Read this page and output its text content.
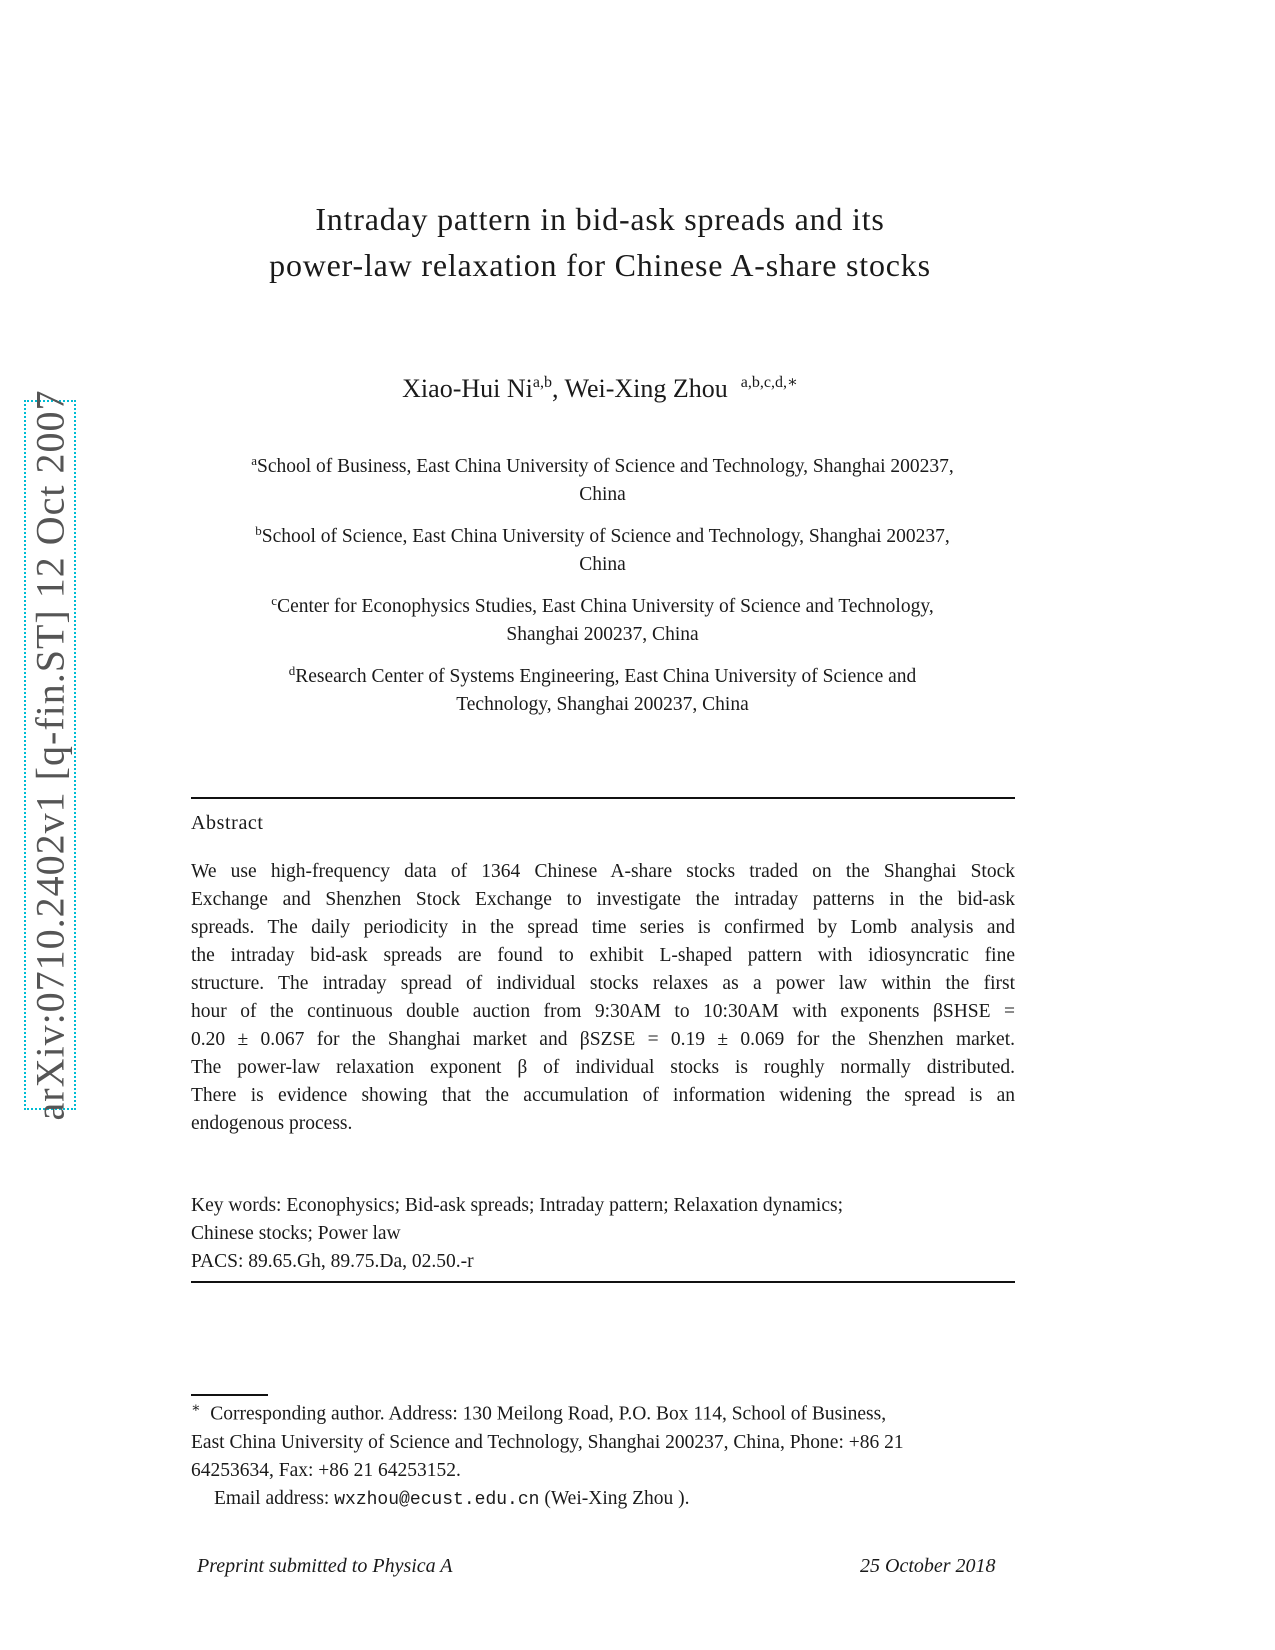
arXiv:0710.2402v1 [q-fin.ST] 12 Oct 2007
Intraday pattern in bid-ask spreads and its
power-law relaxation for Chinese A-share stocks
Xiao-Hui Ni$^{a,b}$, Wei-Xing Zhou $^{a,b,c,d,∗}$
$^a$School of Business, East China University of Science and Technology, Shanghai 200237,
China
$^b$School of Science, East China University of Science and Technology, Shanghai 200237,
China
$^c$Center for Econophysics Studies, East China University of Science and Technology,
Shanghai 200237, China
$^d$Research Center of Systems Engineering, East China University of Science and
Technology, Shanghai 200237, China
Abstract
We use high-frequency data of 1364 Chinese A-share stocks traded on the Shanghai Stock
Exchange and Shenzhen Stock Exchange to investigate the intraday patterns in the bid-ask
spreads. The daily periodicity in the spread time series is confirmed by Lomb analysis and
the intraday bid-ask spreads are found to exhibit L-shaped pattern with idiosyncratic fine
structure. The intraday spread of individual stocks relaxes as a power law within the first
hour of the continuous double auction from 9:30AM to 10:30AM with exponents βSHSE =
0.20 ± 0.067 for the Shanghai market and βSZSE = 0.19 ± 0.069 for the Shenzhen market.
The power-law relaxation exponent β of individual stocks is roughly normally distributed.
There is evidence showing that the accumulation of information widening the spread is an
endogenous process.
Key words: Econophysics; Bid-ask spreads; Intraday pattern; Relaxation dynamics;
Chinese stocks; Power law
PACS: 89.65.Gh, 89.75.Da, 02.50.-r
∗ Corresponding author. Address: 130 Meilong Road, P.O. Box 114, School of Business,
East China University of Science and Technology, Shanghai 200237, China, Phone: +86 21
64253634, Fax: +86 21 64253152.
Email address: wxzhou@ecust.edu.cn (Wei-Xing Zhou ).
Preprint submitted to Physica A	25 October 2018
